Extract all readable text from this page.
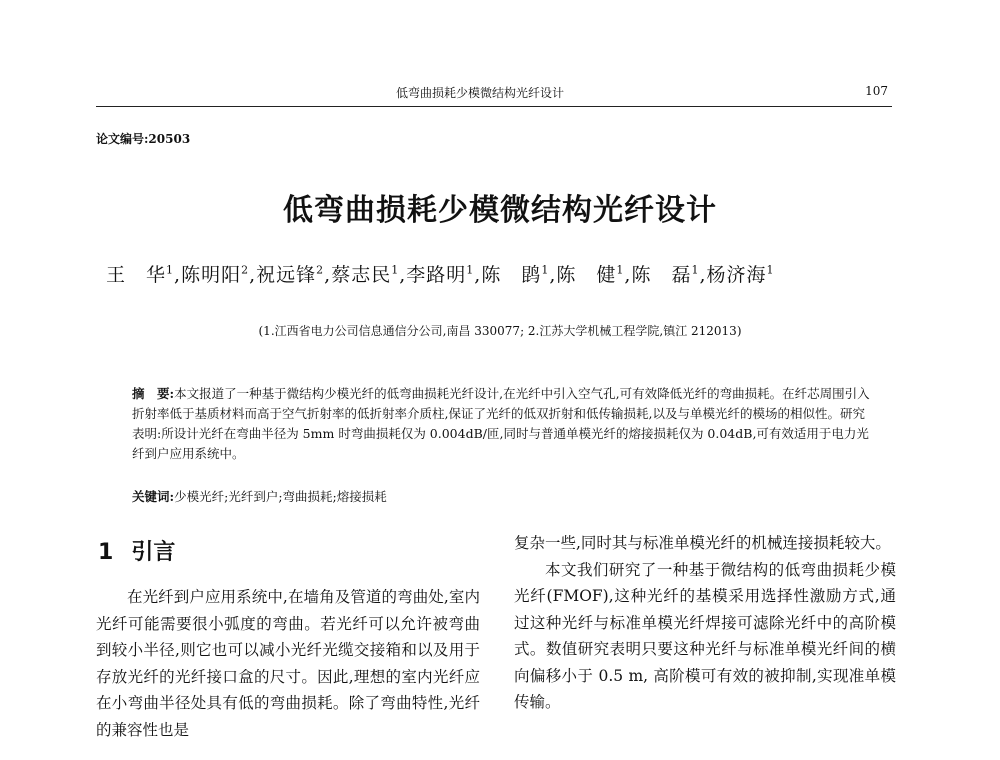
低弯曲损耗少模微结构光纤设计	107
论文编号:20503
低弯曲损耗少模微结构光纤设计
王　华$^1$,陈明阳$^2$,祝远锋$^2$,蔡志民$^1$,李路明$^1$,陈　鹍$^1$,陈　健$^1$,陈　磊$^1$,杨济海$^1$
(1.江西省电力公司信息通信分公司,南昌 330077; 2.江苏大学机械工程学院,镇江 212013)
摘　要:本文报道了一种基于微结构少模光纤的低弯曲损耗光纤设计,在光纤中引入空气孔,可有效降低光纤的弯曲损耗。在纤芯周围引入折射率低于基质材料而高于空气折射率的低折射率介质柱,保证了光纤的低双折射和低传输损耗,以及与单模光纤的模场的相似性。研究表明:所设计光纤在弯曲半径为 5mm 时弯曲损耗仅为 0.004dB/匝,同时与普通单模光纤的熔接损耗仅为 0.04dB,可有效适用于电力光纤到户应用系统中。
关键词:少模光纤;光纤到户;弯曲损耗;熔接损耗
1 引言

在光纤到户应用系统中,在墙角及管道的弯曲处,室内光纤可能需要很小弧度的弯曲。若光纤可以允许被弯曲到较小半径,则它也可以减小光纤光缆交接箱和以及用于存放光纤的光纤接口盒的尺寸。因此,理想的室内光纤应在小弯曲半径处具有低的弯曲损耗。除了弯曲特性,光纤的兼容性也是

复杂一些,同时其与标准单模光纤的机械连接损耗较大。

本文我们研究了一种基于微结构的低弯曲损耗少模光纤(FMOF),这种光纤的基模采用选择性激励方式,通过这种光纤与标准单模光纤焊接可滤除光纤中的高阶模式。数值研究表明只要这种光纤与标准单模光纤间的横向偏移小于 0.5 m, 高阶模可有效的被抑制,实现准单模传输。
